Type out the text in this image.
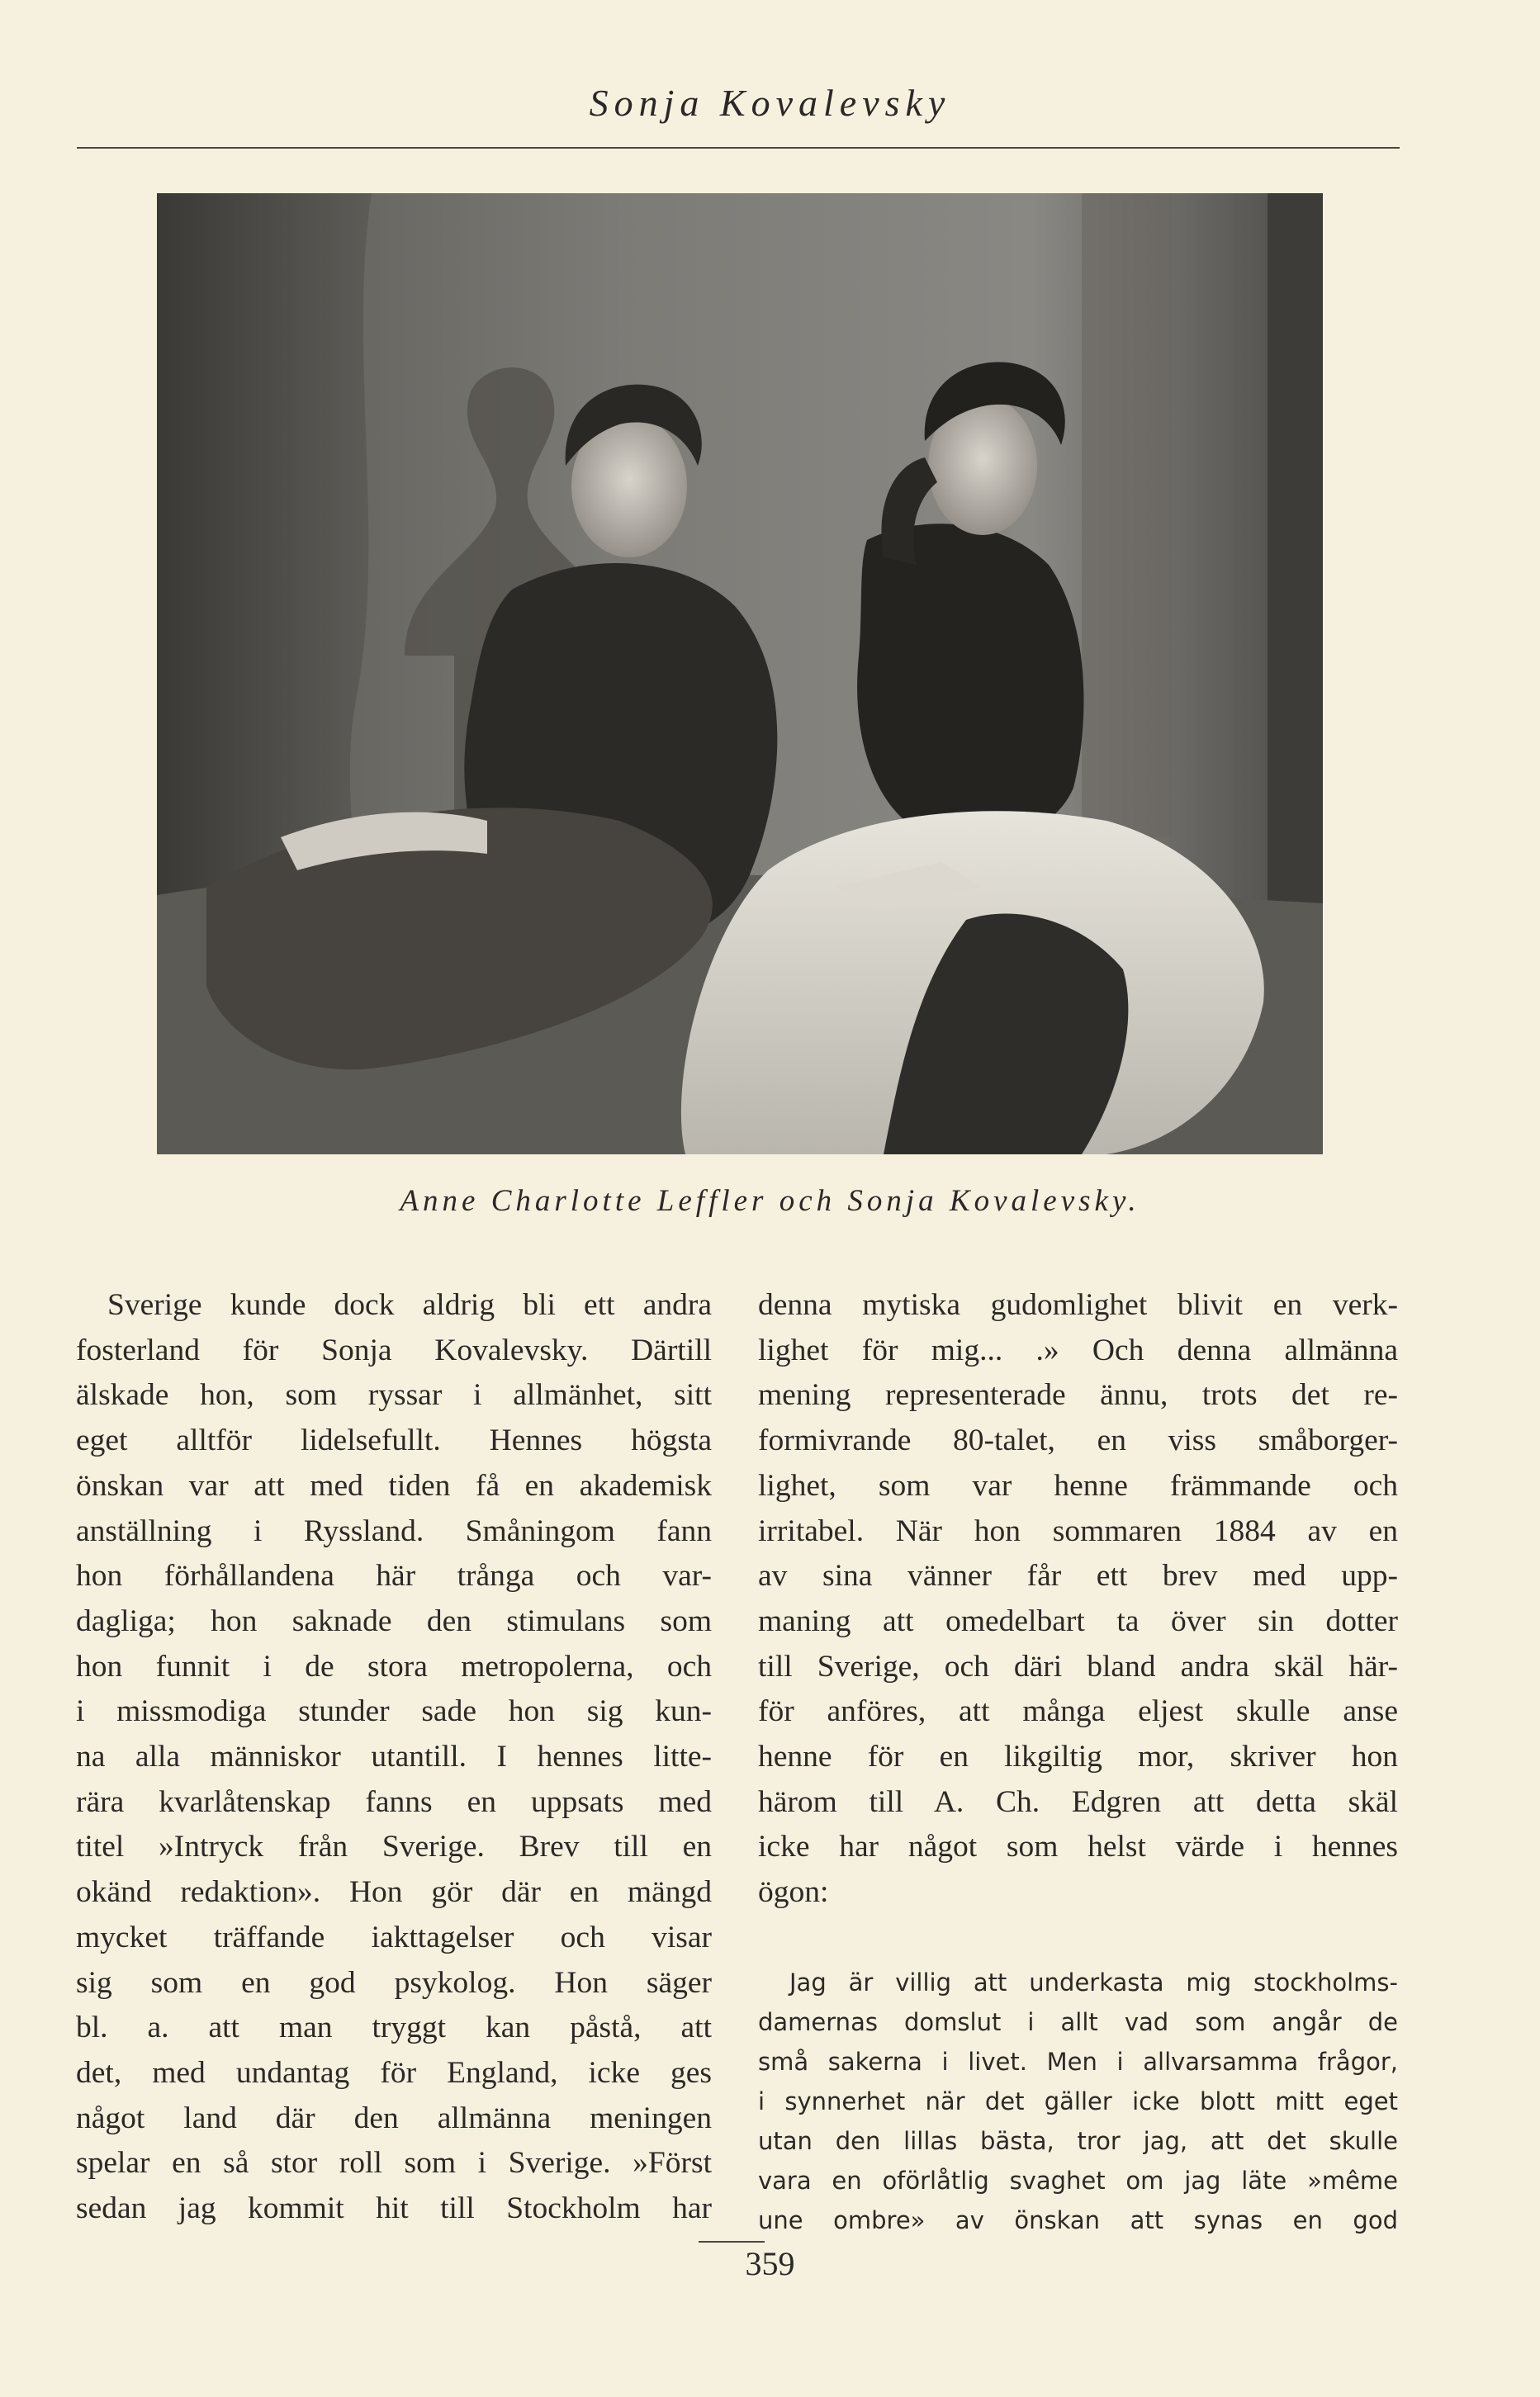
Sonja Kovalevsky
Anne Charlotte Leffler och Sonja Kovalevsky.
Sverige kunde dock aldrig bli ett andra
fosterland för Sonja Kovalevsky. Därtill
älskade hon, som ryssar i allmänhet, sitt
eget alltför lidelsefullt. Hennes högsta
önskan var att med tiden få en akademisk
anställning i Ryssland. Småningom fann
hon förhållandena här trånga och var-
dagliga; hon saknade den stimulans som
hon funnit i de stora metropolerna, och
i missmodiga stunder sade hon sig kun-
na alla människor utantill. I hennes litte-
rära kvarlåtenskap fanns en uppsats med
titel »Intryck från Sverige. Brev till en
okänd redaktion». Hon gör där en mängd
mycket träffande iakttagelser och visar
sig som en god psykolog. Hon säger
bl. a. att man tryggt kan påstå, att
det, med undantag för England, icke ges
något land där den allmänna meningen
spelar en så stor roll som i Sverige. »Först
sedan jag kommit hit till Stockholm har
denna mytiska gudomlighet blivit en verk-
lighet för mig... .» Och denna allmänna
mening representerade ännu, trots det re-
formivrande 80-talet, en viss småborger-
lighet, som var henne främmande och
irritabel. När hon sommaren 1884 av en
av sina vänner får ett brev med upp-
maning att omedelbart ta över sin dotter
till Sverige, och däri bland andra skäl här-
för anföres, att många eljest skulle anse
henne för en likgiltig mor, skriver hon
härom till A. Ch. Edgren att detta skäl
icke har något som helst värde i hennes
ögon:
Jag är villig att underkasta mig stockholms-
damernas domslut i allt vad som angår de
små sakerna i livet. Men i allvarsamma frågor,
i synnerhet när det gäller icke blott mitt eget
utan den lillas bästa, tror jag, att det skulle
vara en oförlåtlig svaghet om jag läte »même
une ombre» av önskan att synas en god
359
